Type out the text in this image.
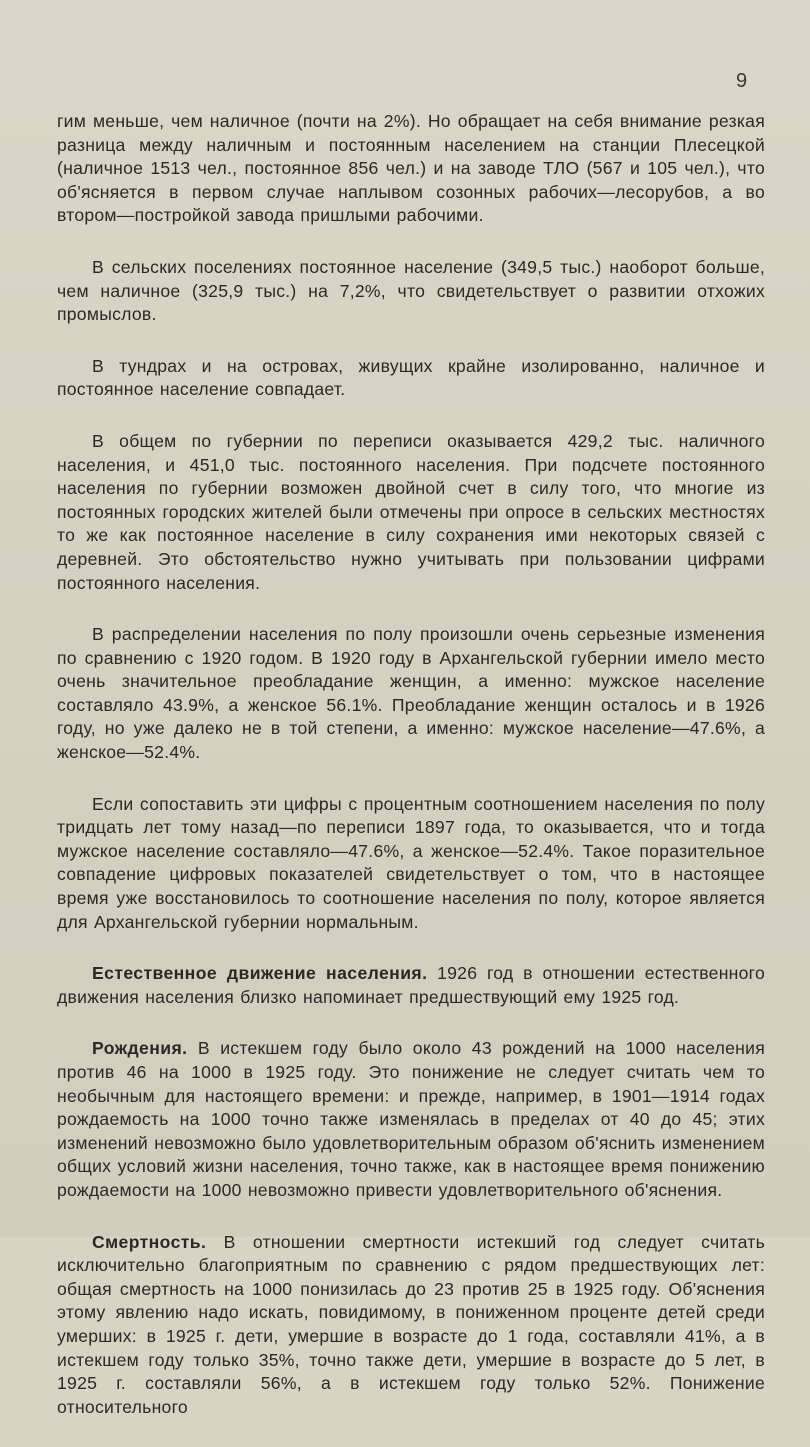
9

гим меньше, чем наличное (почти на 2%). Но обращает на себя внимание резкая разница между наличным и постоянным населением на станции Плесецкой (наличное 1513 чел., постоянное 856 чел.) и на заводе ТЛО (567 и 105 чел.), что об'ясняется в первом случае наплывом созонных рабочих—лесорубов, а во втором—постройкой завода пришлыми рабочими.

В сельских поселениях постоянное население (349,5 тыс.) наоборот больше, чем наличное (325,9 тыс.) на 7,2%, что свидетельствует о развитии отхожих промыслов.

В тундрах и на островах, живущих крайне изолированно, наличное и постоянное население совпадает.

В общем по губернии по переписи оказывается 429,2 тыс. наличного населения, и 451,0 тыс. постоянного населения. При подсчете постоянного населения по губернии возможен двойной счет в силу того, что многие из постоянных городских жителей были отмечены при опросе в сельских местностях то же как постоянное население в силу сохранения ими некоторых связей с деревней. Это обстоятельство нужно учитывать при пользовании цифрами постоянного населения.

В распределении населения по полу произошли очень серьезные изменения по сравнению с 1920 годом. В 1920 году в Архангельской губернии имело место очень значительное преобладание женщин, а именно: мужское население составляло 43.9%, а женское 56.1%. Преобладание женщин осталось и в 1926 году, но уже далеко не в той степени, а именно: мужское население—47.6%, а женское—52.4%.

Если сопоставить эти цифры с процентным соотношением населения по полу тридцать лет тому назад—по переписи 1897 года, то оказывается, что и тогда мужское население составляло—47.6%, а женское—52.4%. Такое поразительное совпадение цифровых показателей свидетельствует о том, что в настоящее время уже восстановилось то соотношение населения по полу, которое является для Архангельской губернии нормальным.

Естественное движение населения. 1926 год в отношении естественного движения населения близко напоминает предшествующий ему 1925 год.

Рождения. В истекшем году было около 43 рождений на 1000 населения против 46 на 1000 в 1925 году. Это понижение не следует считать чем то необычным для настоящего времени: и прежде, например, в 1901—1914 годах рождаемость на 1000 точно также изменялась в пределах от 40 до 45; этих изменений невозможно было удовлетворительным образом об'яснить изменением общих условий жизни населения, точно также, как в настоящее время понижению рождаемости на 1000 невозможно привести удовлетворительного об'яснения.

Смертность. В отношении смертности истекший год следует считать исключительно благоприятным по сравнению с рядом предшествующих лет: общая смертность на 1000 понизилась до 23 против 25 в 1925 году. Об'яснения этому явлению надо искать, повидимому, в пониженном проценте детей среди умерших: в 1925 г. дети, умершие в возрасте до 1 года, составляли 41%, а в истекшем году только 35%, точно также дети, умершие в возрасте до 5 лет, в 1925 г. составляли 56%, а в истекшем году только 52%. Понижение относительного
